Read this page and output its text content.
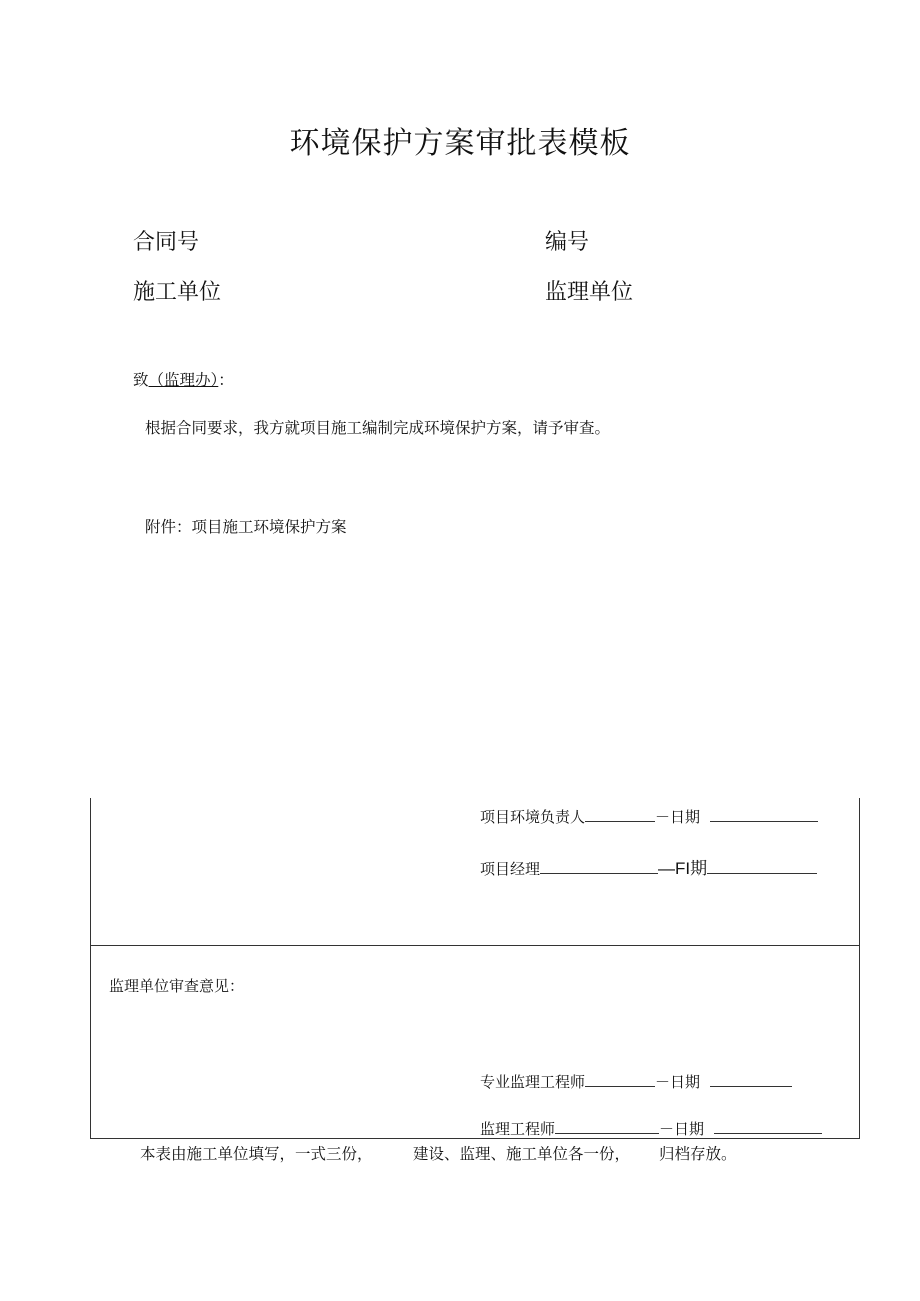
环境保护方案审批表模板
合同号	编号
施工单位	监理单位
致（监理办）：
根据合同要求，我方就项目施工编制完成环境保护方案，请予审查。
附件：项目施工环境保护方案
项目环境负责人	－日期
项目经理	—FI期
监理单位审查意见：
专业监理工程师	－日期
监理工程师	－日期
本表由施工单位填写，一式三份，	建设、监理、施工单位各一份， 归档存放。
